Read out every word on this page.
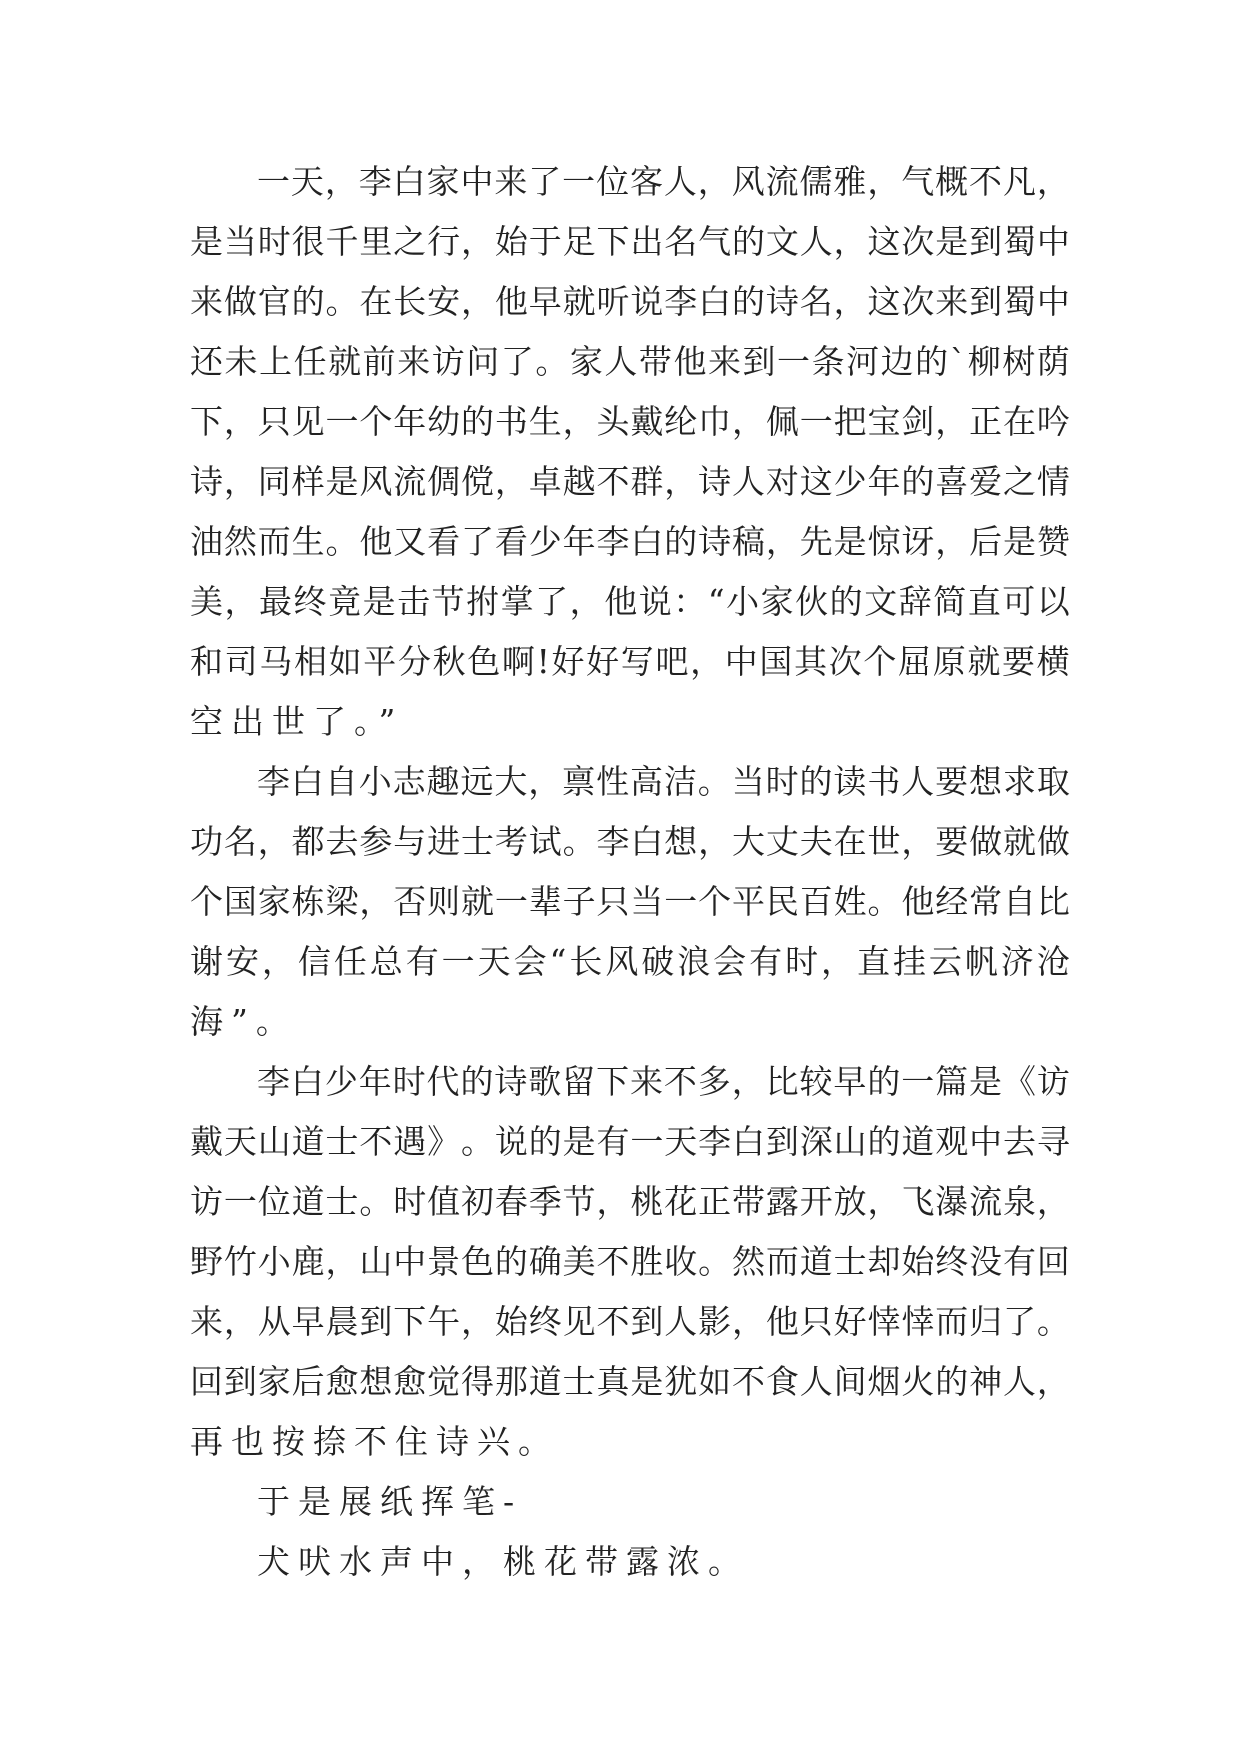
一 天 ， 李 白 家 中 来 了 一 位 客 人 ， 风 流 儒 雅 ， 气 概 不 凡 ，
是 当 时 很 千 里 之 行 ， 始 于 足 下 出 名 气 的 文 人 ， 这 次 是 到 蜀 中
来 做 官 的 。 在 长 安 ， 他 早 就 听 说 李 白 的 诗 名 ， 这 次 来 到 蜀 中
还 未 上 任 就 前 来 访 问 了 。 家 人 带 他 来 到 一 条 河 边 的 ` 柳 树 荫
下 ， 只 见 一 个 年 幼 的 书 生 ， 头 戴 纶 巾 ， 佩 一 把 宝 剑 ， 正 在 吟
诗 ， 同 样 是 风 流 倜 傥 ， 卓 越 不 群 ， 诗 人 对 这 少 年 的 喜 爱 之 情
油 然 而 生 。 他 又 看 了 看 少 年 李 白 的 诗 稿 ， 先 是 惊 讶 ， 后 是 赞
美 ， 最 终 竟 是 击 节 拊 掌 了 ， 他 说 ： “ 小 家 伙 的 文 辞 简 直 可 以
和 司 马 相 如 平 分 秋 色 啊 ! 好 好 写 吧 ， 中 国 其 次 个 屈 原 就 要 横
空出世了。”
李 白 自 小 志 趣 远 大 ， 禀 性 高 洁 。 当 时 的 读 书 人 要 想 求 取
功 名 ， 都 去 参 与 进 士 考 试 。 李 白 想 ， 大 丈 夫 在 世 ， 要 做 就 做
个 国 家 栋 梁 ， 否 则 就 一 辈 子 只 当 一 个 平 民 百 姓 。 他 经 常 自 比
谢 安 ， 信 任 总 有 一 天 会 “ 长 风 破 浪 会 有 时 ， 直 挂 云 帆 济 沧
海”。
李 白 少 年 时 代 的 诗 歌 留 下 来 不 多 ， 比 较 早 的 一 篇 是 《 访
戴 天 山 道 士 不 遇 》 。 说 的 是 有 一 天 李 白 到 深 山 的 道 观 中 去 寻
访 一 位 道 士 。 时 值 初 春 季 节 ， 桃 花 正 带 露 开 放 ， 飞 瀑 流 泉 ，
野 竹 小 鹿 ， 山 中 景 色 的 确 美 不 胜 收 。 然 而 道 士 却 始 终 没 有 回
来 ， 从 早 晨 到 下 午 ， 始 终 见 不 到 人 影 ， 他 只 好 悻 悻 而 归 了 。
回 到 家 后 愈 想 愈 觉 得 那 道 士 真 是 犹 如 不 食 人 间 烟 火 的 神 人 ，
再也按捺不住诗兴。
于是展纸挥笔-
犬吠水声中，桃花带露浓。
